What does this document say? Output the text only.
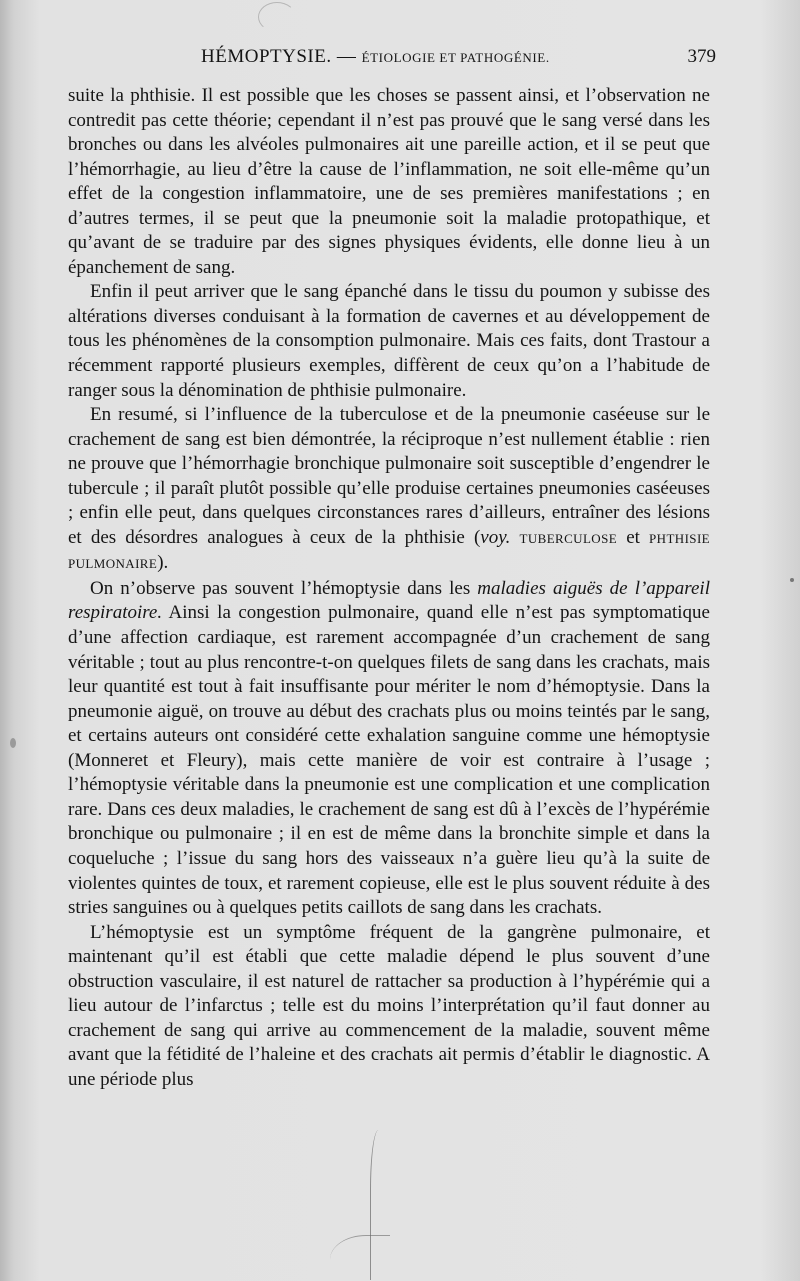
HÉMOPTYSIE. — ÉTIOLOGIE ET PATHOGÉNIE.	379

suite la phthisie. Il est possible que les choses se passent ainsi, et l’observation ne contredit pas cette théorie; cependant il n’est pas prouvé que le sang versé dans les bronches ou dans les alvéoles pulmonaires ait une pareille action, et il se peut que l’hémorrhagie, au lieu d’être la cause de l’inflammation, ne soit elle-même qu’un effet de la congestion inflammatoire, une de ses premières manifestations ; en d’autres termes, il se peut que la pneumonie soit la maladie protopathique, et qu’avant de se traduire par des signes physiques évidents, elle donne lieu à un épanchement de sang.

Enfin il peut arriver que le sang épanché dans le tissu du poumon y subisse des altérations diverses conduisant à la formation de cavernes et au développement de tous les phénomènes de la consomption pulmonaire. Mais ces faits, dont Trastour a récemment rapporté plusieurs exemples, diffèrent de ceux qu’on a l’habitude de ranger sous la dénomination de phthisie pulmonaire.

En resumé, si l’influence de la tuberculose et de la pneumonie caséeuse sur le crachement de sang est bien démontrée, la réciproque n’est nullement établie : rien ne prouve que l’hémorrhagie bronchique pulmonaire soit susceptible d’engendrer le tubercule ; il paraît plutôt possible qu’elle produise certaines pneumonies caséeuses ; enfin elle peut, dans quelques circonstances rares d’ailleurs, entraîner des lésions et des désordres analogues à ceux de la phthisie (voy. TUBERCULOSE et PHTHISIE PULMONAIRE).

On n’observe pas souvent l’hémoptysie dans les maladies aiguës de l’appareil respiratoire. Ainsi la congestion pulmonaire, quand elle n’est pas symptomatique d’une affection cardiaque, est rarement accompagnée d’un crachement de sang véritable ; tout au plus rencontre-t-on quelques filets de sang dans les crachats, mais leur quantité est tout à fait insuffisante pour mériter le nom d’hémoptysie. Dans la pneumonie aiguë, on trouve au début des crachats plus ou moins teintés par le sang, et certains auteurs ont considéré cette exhalation sanguine comme une hémoptysie (Monneret et Fleury), mais cette manière de voir est contraire à l’usage ; l’hémoptysie véritable dans la pneumonie est une complication et une complication rare. Dans ces deux maladies, le crachement de sang est dû à l’excès de l’hypérémie bronchique ou pulmonaire ; il en est de même dans la bronchite simple et dans la coqueluche ; l’issue du sang hors des vaisseaux n’a guère lieu qu’à la suite de violentes quintes de toux, et rarement copieuse, elle est le plus souvent réduite à des stries sanguines ou à quelques petits caillots de sang dans les crachats.

L’hémoptysie est un symptôme fréquent de la gangrène pulmonaire, et maintenant qu’il est établi que cette maladie dépend le plus souvent d’une obstruction vasculaire, il est naturel de rattacher sa production à l’hypérémie qui a lieu autour de l’infarctus ; telle est du moins l’interprétation qu’il faut donner au crachement de sang qui arrive au commencement de la maladie, souvent même avant que la fétidité de l’haleine et des crachats ait permis d’établir le diagnostic. A une période plus
